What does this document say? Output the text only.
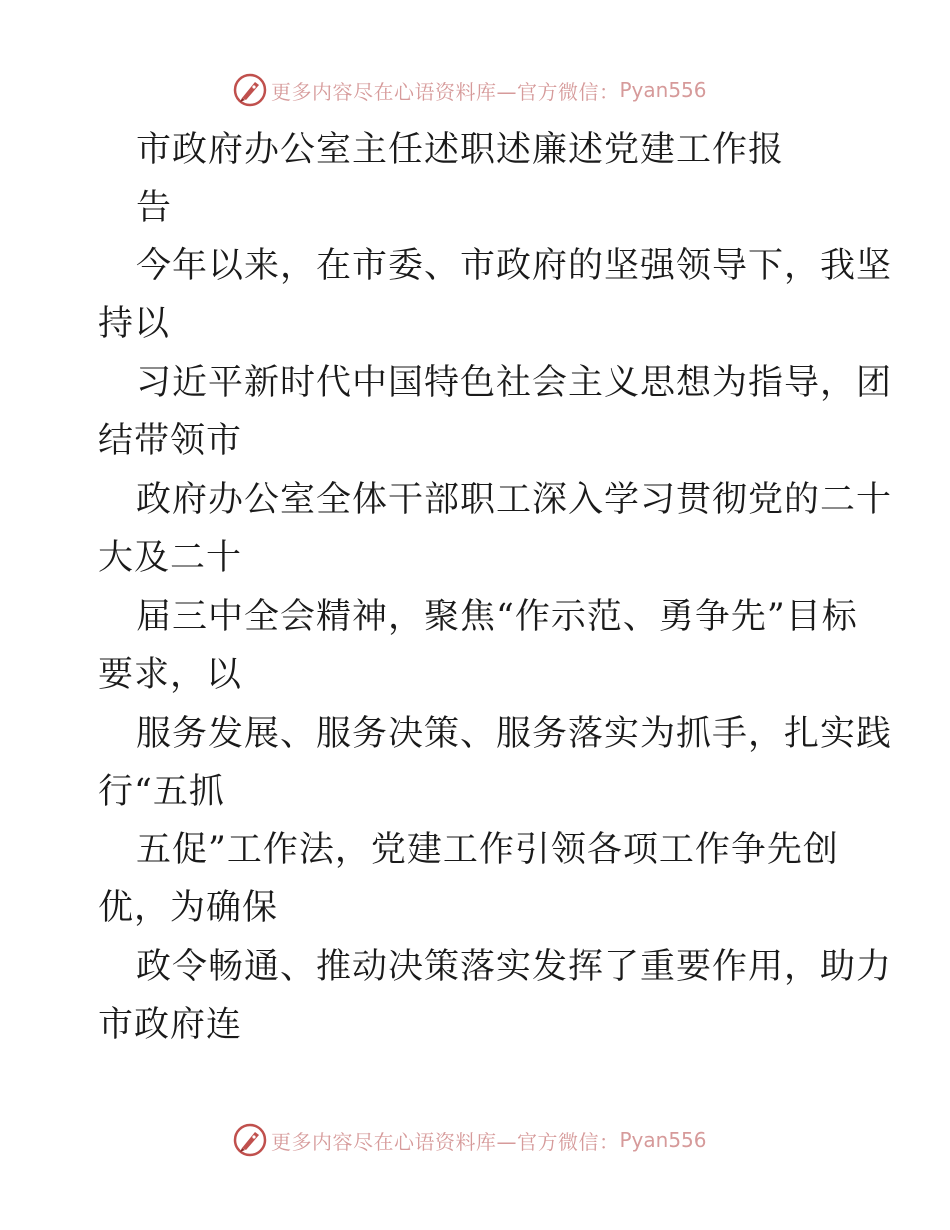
更多内容尽在心语资料库—官方微信： Pyan556
市政府办公室主任述职述廉述党建工作报
告
今年以来，在市委、市政府的坚强领导下，我坚
持以
习近平新时代中国特色社会主义思想为指导，团
结带领市
政府办公室全体干部职工深入学习贯彻党的二十
大及二十
届三中全会精神，聚焦“作示范、勇争先”目标
要求，以
服务发展、服务决策、服务落实为抓手，扎实践
行“五抓
五促”工作法，党建工作引领各项工作争先创
优，为确保
政令畅通、推动决策落实发挥了重要作用，助力
市政府连
更多内容尽在心语资料库—官方微信： Pyan556
